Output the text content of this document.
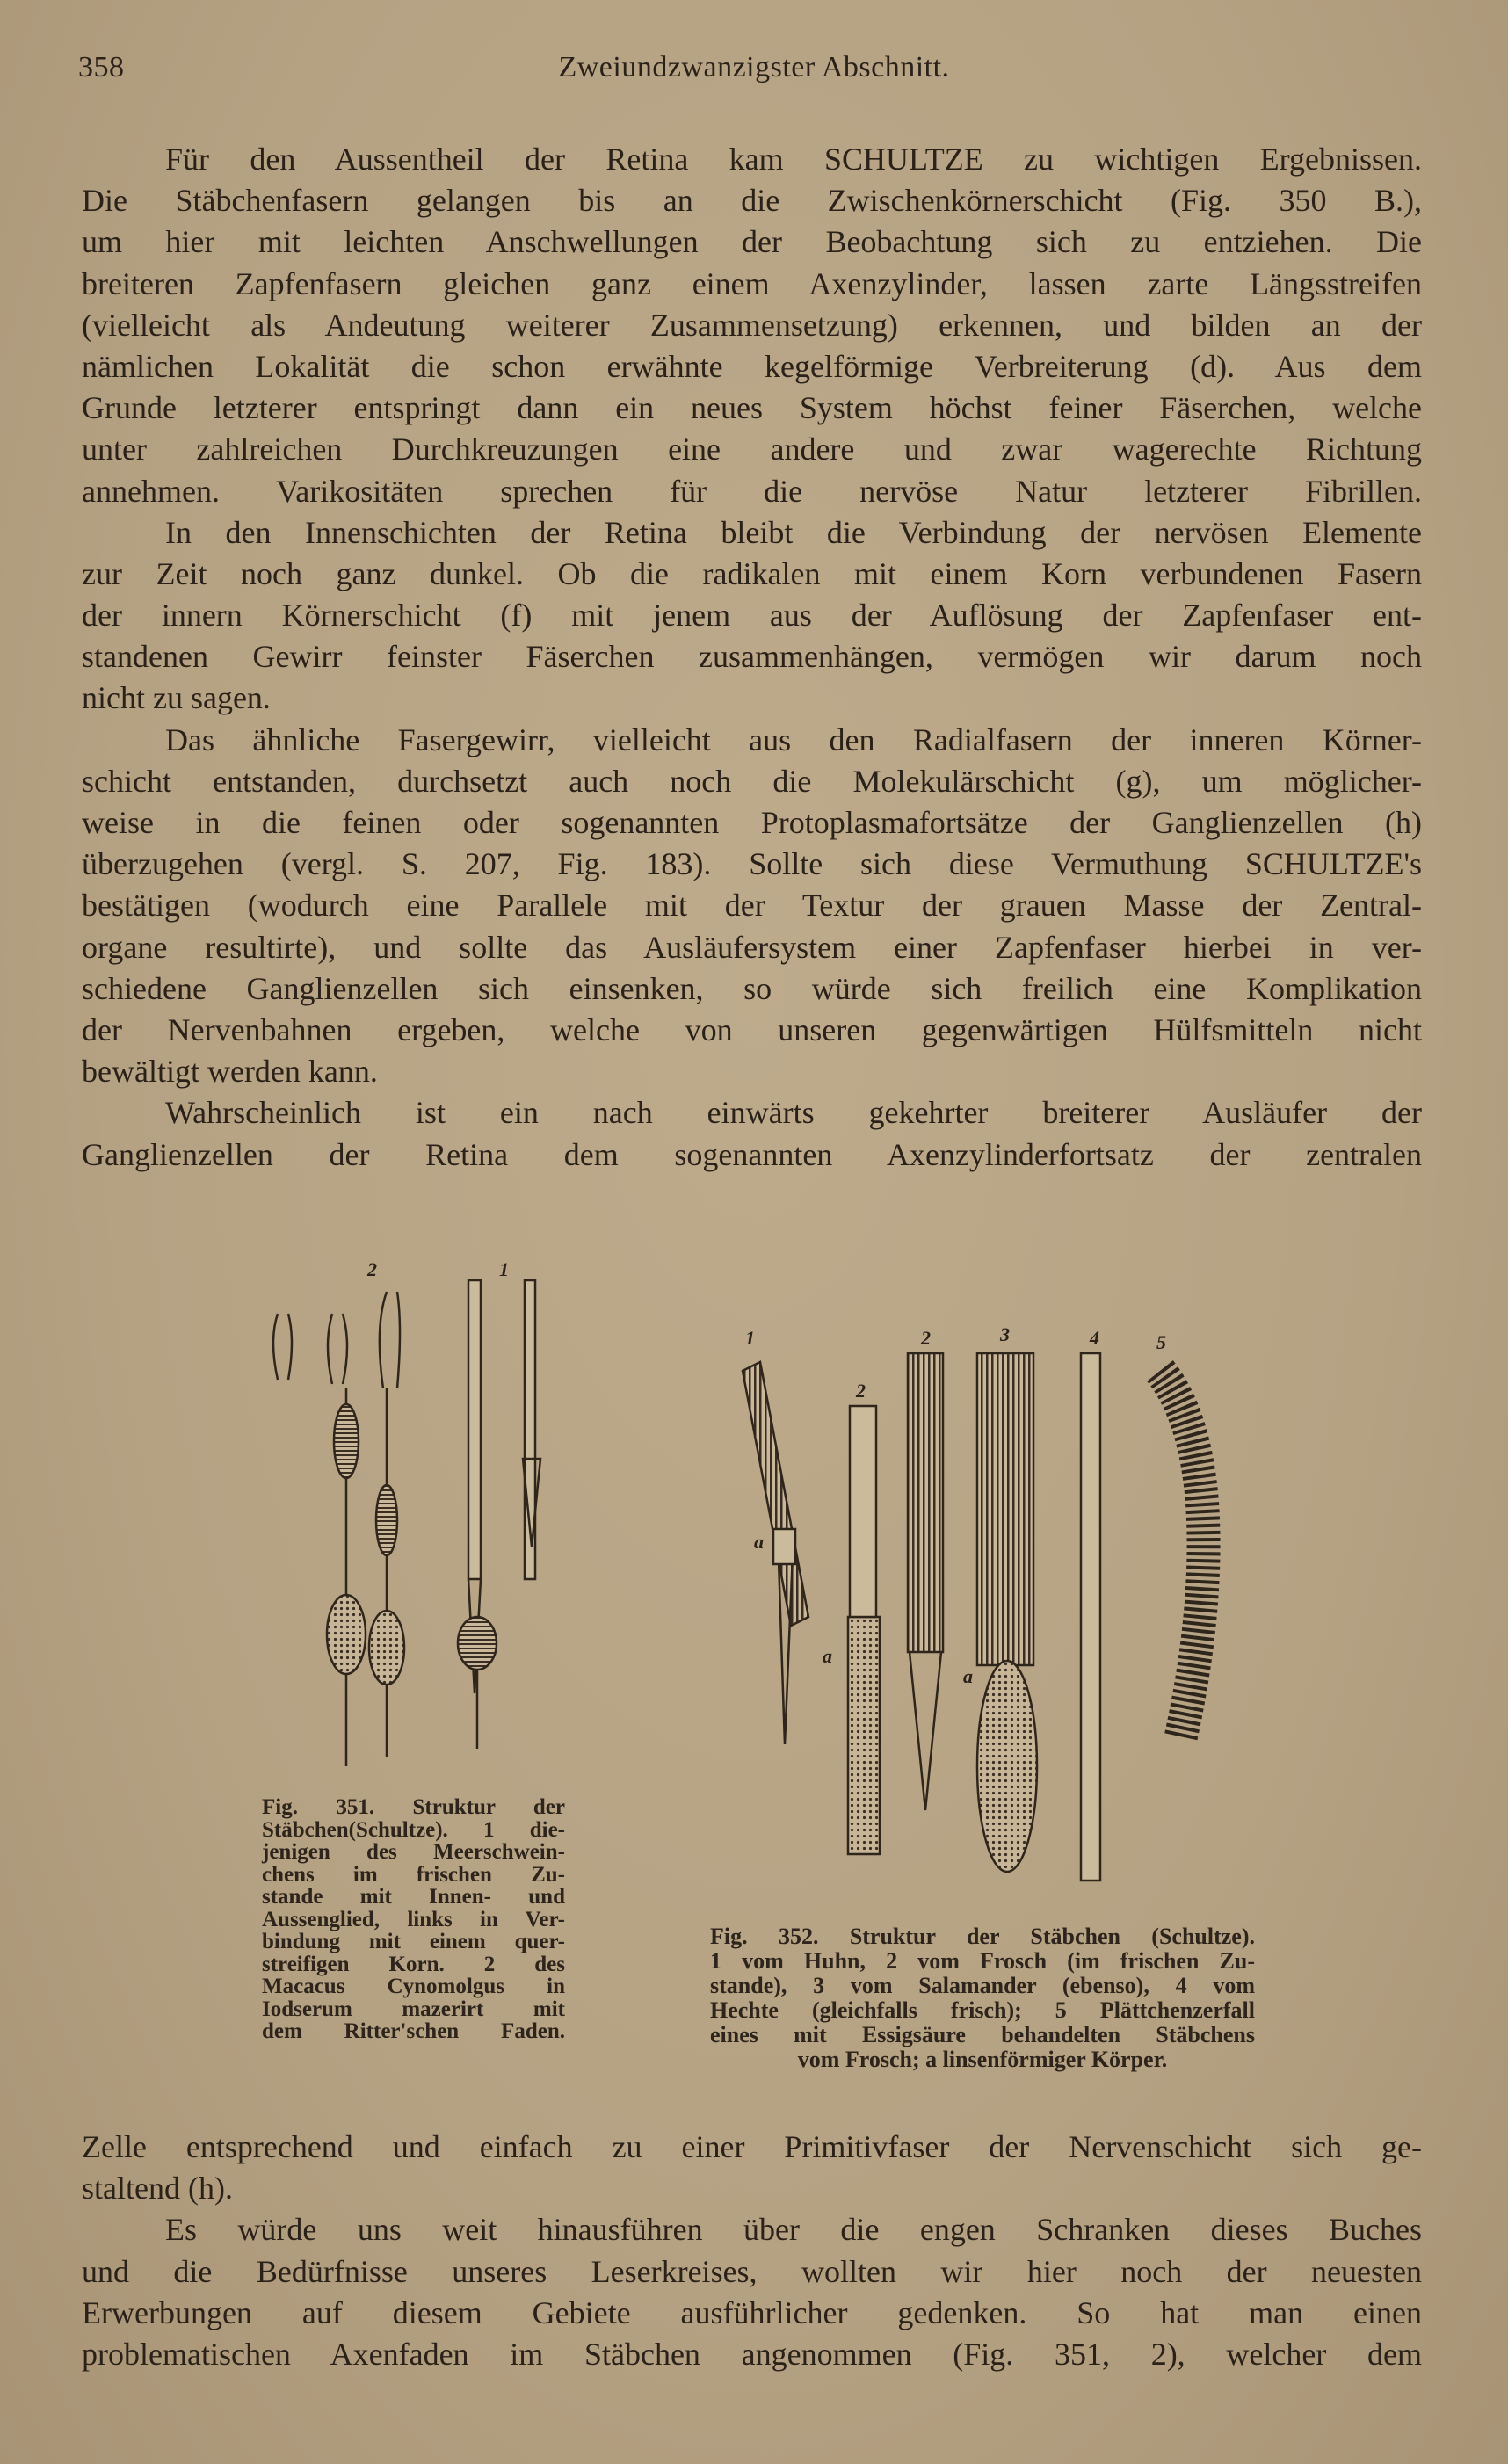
358	Zweiundzwanzigster Abschnitt.
Für den Aussentheil der Retina kam SCHULTZE zu wichtigen Ergebnissen.
Die Stäbchenfasern gelangen bis an die Zwischenkörnerschicht (Fig. 350 B.),
um hier mit leichten Anschwellungen der Beobachtung sich zu entziehen. Die
breiteren Zapfenfasern gleichen ganz einem Axenzylinder, lassen zarte Längsstreifen
(vielleicht als Andeutung weiterer Zusammensetzung) erkennen, und bilden an der
nämlichen Lokalität die schon erwähnte kegelförmige Verbreiterung (d). Aus dem
Grunde letzterer entspringt dann ein neues System höchst feiner Fäserchen, welche
unter zahlreichen Durchkreuzungen eine andere und zwar wagerechte Richtung
annehmen. Varikositäten sprechen für die nervöse Natur letzterer Fibrillen.
In den Innenschichten der Retina bleibt die Verbindung der nervösen Elemente
zur Zeit noch ganz dunkel. Ob die radikalen mit einem Korn verbundenen Fasern
der innern Körnerschicht (f) mit jenem aus der Auflösung der Zapfenfaser ent-
standenen Gewirr feinster Fäserchen zusammenhängen, vermögen wir darum noch
nicht zu sagen.
Das ähnliche Fasergewirr, vielleicht aus den Radialfasern der inneren Körner-
schicht entstanden, durchsetzt auch noch die Molekulärschicht (g), um möglicher-
weise in die feinen oder sogenannten Protoplasmafortsätze der Ganglienzellen (h)
überzugehen (vergl. S. 207, Fig. 183). Sollte sich diese Vermuthung SCHULTZE's
bestätigen (wodurch eine Parallele mit der Textur der grauen Masse der Zentral-
organe resultirte), und sollte das Ausläufersystem einer Zapfenfaser hierbei in ver-
schiedene Ganglienzellen sich einsenken, so würde sich freilich eine Komplikation
der Nervenbahnen ergeben, welche von unseren gegenwärtigen Hülfsmitteln nicht
bewältigt werden kann.
Wahrscheinlich ist ein nach einwärts gekehrter breiterer Ausläufer der
Ganglienzellen der Retina dem sogenannten Axenzylinderfortsatz der zentralen
2	1
1	2	3	4	5
2
a
a
a
Fig. 351. Struktur der
Stäbchen(Schultze). 1 die-
jenigen des Meerschwein-
chens im frischen Zu-
stande mit Innen- und
Aussenglied, links in Ver-
bindung mit einem quer-
streifigen Korn. 2 des
Macacus Cynomolgus in
Iodserum mazerirt mit
dem Ritter'schen Faden.
Fig. 352. Struktur der Stäbchen (Schultze).
1 vom Huhn, 2 vom Frosch (im frischen Zu-
stande), 3 vom Salamander (ebenso), 4 vom
Hechte (gleichfalls frisch); 5 Plättchenzerfall
eines mit Essigsäure behandelten Stäbchens
vom Frosch; a linsenförmiger Körper.
Zelle entsprechend und einfach zu einer Primitivfaser der Nervenschicht sich ge-
staltend (h).
Es würde uns weit hinausführen über die engen Schranken dieses Buches
und die Bedürfnisse unseres Leserkreises, wollten wir hier noch der neuesten
Erwerbungen auf diesem Gebiete ausführlicher gedenken. So hat man einen
problematischen Axenfaden im Stäbchen angenommen (Fig. 351, 2), welcher dem
